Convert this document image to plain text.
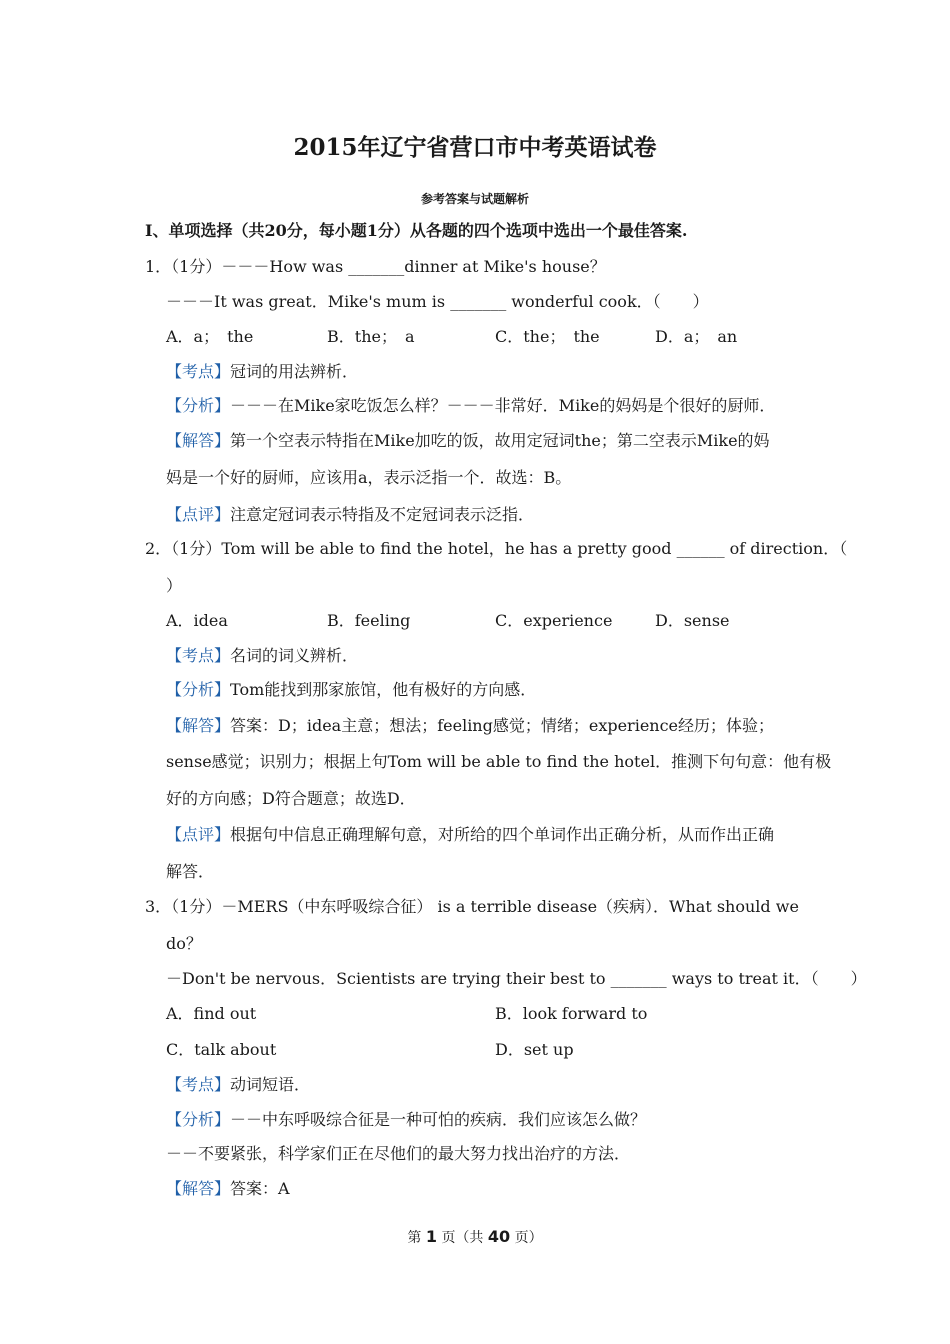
2015年辽宁省营口市中考英语试卷
参考答案与试题解析
I、单项选择（共20分，每小题1分）从各题的四个选项中选出一个最佳答案.
1．（1分）－－－How was _______dinner at Mike's house？
－－－It was great．Mike's mum is _______ wonderful cook．（　　）
A．a；　the	B．the；　a	C．the；　the	D．a；　an
【考点】冠词的用法辨析．
【分析】－－－在Mike家吃饭怎么样？－－－非常好．Mike的妈妈是个很好的厨师．
【解答】第一个空表示特指在Mike加吃的饭，故用定冠词the；第二空表示Mike的妈
妈是一个好的厨师，应该用a，表示泛指一个．故选：B。
【点评】注意定冠词表示特指及不定冠词表示泛指．
2．（1分）Tom will be able to find the hotel，he has a pretty good ______ of direction．（
）
A．idea	B．feeling	C．experience	D．sense
【考点】名词的词义辨析．
【分析】Tom能找到那家旅馆，他有极好的方向感．
【解答】答案：D；idea主意；想法；feeling感觉；情绪；experience经历；体验；
sense感觉；识别力；根据上句Tom will be able to find the hotel．推测下句句意：他有极
好的方向感；D符合题意；故选D．
【点评】根据句中信息正确理解句意，对所给的四个单词作出正确分析，从而作出正确
解答．
3．（1分）－MERS（中东呼吸综合征） is a terrible disease（疾病）．What should we
do？
－Don't be nervous．Scientists are trying their best to _______ ways to treat it．（　　）
A．find out	B．look forward to
C．talk about	D．set up
【考点】动词短语．
【分析】－－中东呼吸综合征是一种可怕的疾病．我们应该怎么做？
－－不要紧张，科学家们正在尽他们的最大努力找出治疗的方法．
【解答】答案：A
第 1 页（共 40 页）
